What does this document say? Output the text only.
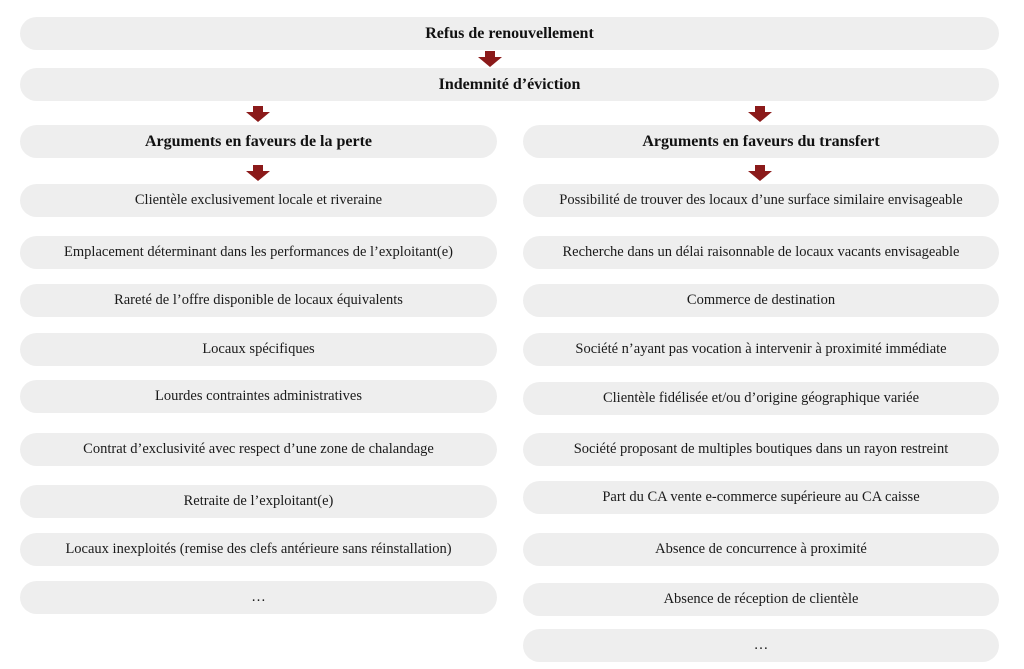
Refus de renouvellement
Indemnité d’éviction
Arguments en faveurs de la perte	Arguments en faveurs du transfert
Clientèle exclusivement locale et riveraine
Emplacement déterminant dans les performances de l’exploitant(e)
Rareté de l’offre disponible de locaux équivalents
Locaux spécifiques
Lourdes contraintes administratives
Contrat d’exclusivité avec respect d’une zone de chalandage
Retraite de l’exploitant(e)
Locaux inexploités (remise des clefs antérieure sans réinstallation)
…
Possibilité de trouver des locaux d’une surface similaire envisageable
Recherche dans un délai raisonnable de locaux vacants envisageable
Commerce de destination
Société n’ayant pas vocation à intervenir à proximité immédiate
Clientèle fidélisée et/ou d’origine géographique variée
Société proposant de multiples boutiques dans un rayon restreint
Part du CA vente e-commerce supérieure au CA caisse
Absence de concurrence à proximité
Absence de réception de clientèle
…
